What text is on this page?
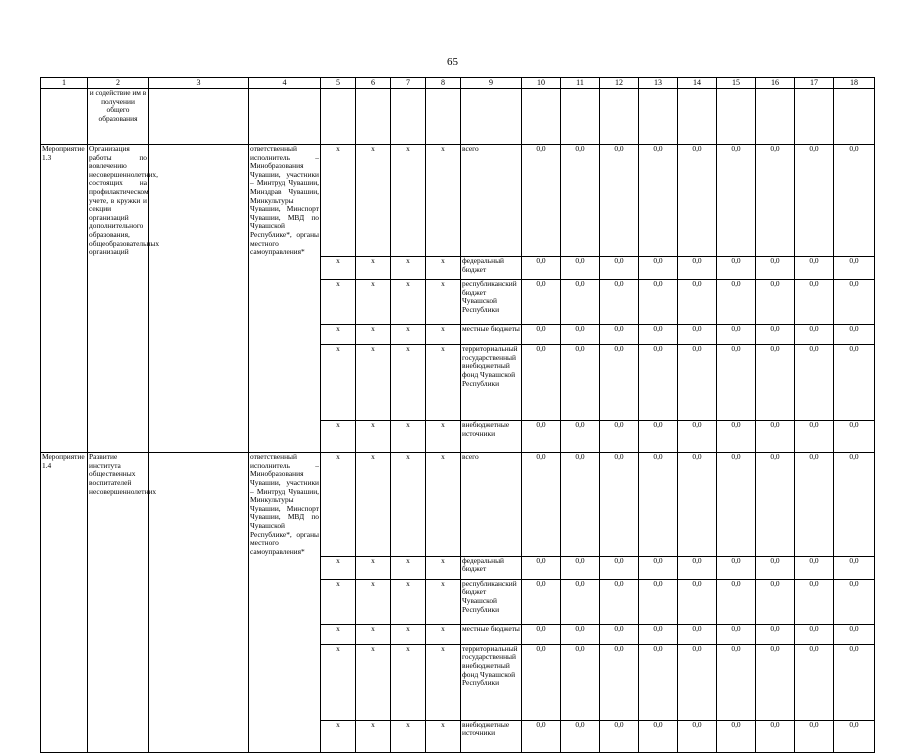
65
1	2	3	4	5	6	7	8	9	10	11	12	13	14	15	16	17	18
	и содействие им в получении общего образования																
Мероприятие 1.3	Организация работы по вовлечению несовершеннолетних, состоящих на профилактическом учете, в кружки и секции организаций дополнительного образования, общеобразовательных организаций		ответственный исполнитель – Минобразования Чувашии, участники – Минтруд Чувашии, Минздрав Чувашии, Минкультуры Чувашии, Минспорт Чувашии, МВД по Чувашской Республике*, органы местного самоуправления*	х	х	х	х	всего	0,0	0,0	0,0	0,0	0,0	0,0	0,0	0,0	0,0
				х	х	х	х	федеральный бюджет	0,0	0,0	0,0	0,0	0,0	0,0	0,0	0,0	0,0
				х	х	х	х	республиканский бюджет Чувашской Республики	0,0	0,0	0,0	0,0	0,0	0,0	0,0	0,0	0,0
				х	х	х	х	местные бюджеты	0,0	0,0	0,0	0,0	0,0	0,0	0,0	0,0	0,0
				х	х	х	х	территориальный государственный внебюджетный фонд Чувашской Республики	0,0	0,0	0,0	0,0	0,0	0,0	0,0	0,0	0,0
				х	х	х	х	внебюджетные источники	0,0	0,0	0,0	0,0	0,0	0,0	0,0	0,0	0,0
Мероприятие 1.4	Развитие института общественных воспитателей несовершеннолетних		ответственный исполнитель – Минобразования Чувашии, участники – Минтруд Чувашии, Минкультуры Чувашии, Минспорт Чувашии, МВД по Чувашской Республике*, органы местного самоуправления*	х	х	х	х	всего	0,0	0,0	0,0	0,0	0,0	0,0	0,0	0,0	0,0
				х	х	х	х	федеральный бюджет	0,0	0,0	0,0	0,0	0,0	0,0	0,0	0,0	0,0
				х	х	х	х	республиканский бюджет Чувашской Республики	0,0	0,0	0,0	0,0	0,0	0,0	0,0	0,0	0,0
				х	х	х	х	местные бюджеты	0,0	0,0	0,0	0,0	0,0	0,0	0,0	0,0	0,0
				х	х	х	х	территориальный государственный внебюджетный фонд Чувашской Республики	0,0	0,0	0,0	0,0	0,0	0,0	0,0	0,0	0,0
				х	х	х	х	внебюджетные источники	0,0	0,0	0,0	0,0	0,0	0,0	0,0	0,0	0,0
